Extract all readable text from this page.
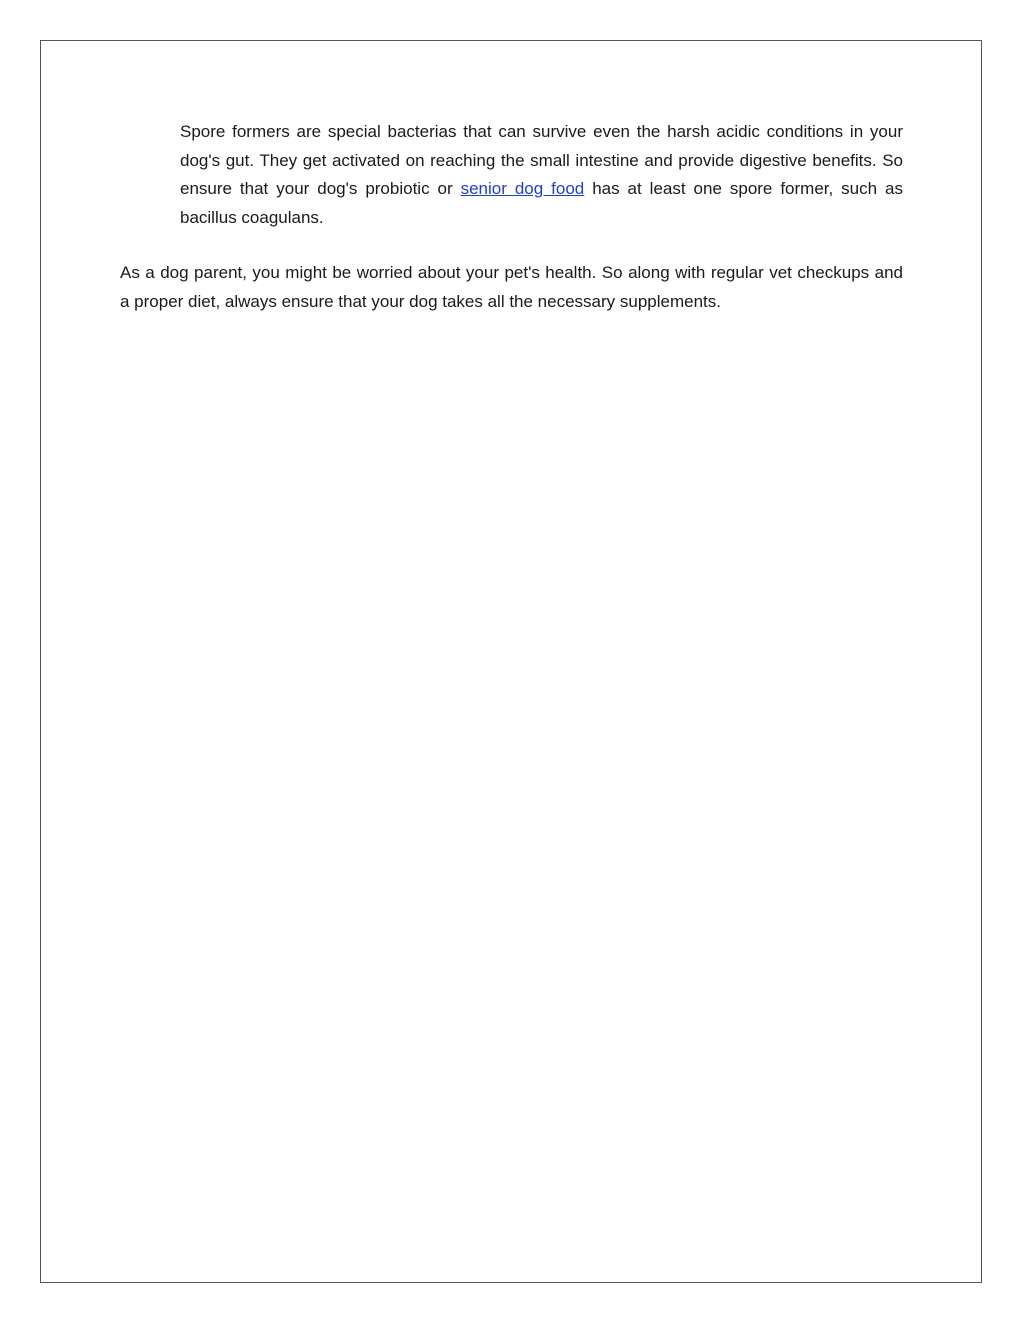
Spore formers are special bacterias that can survive even the harsh acidic conditions in your dog's gut. They get activated on reaching the small intestine and provide digestive benefits. So ensure that your dog's probiotic or senior dog food has at least one spore former, such as bacillus coagulans.

As a dog parent, you might be worried about your pet's health. So along with regular vet checkups and a proper diet, always ensure that your dog takes all the necessary supplements.
